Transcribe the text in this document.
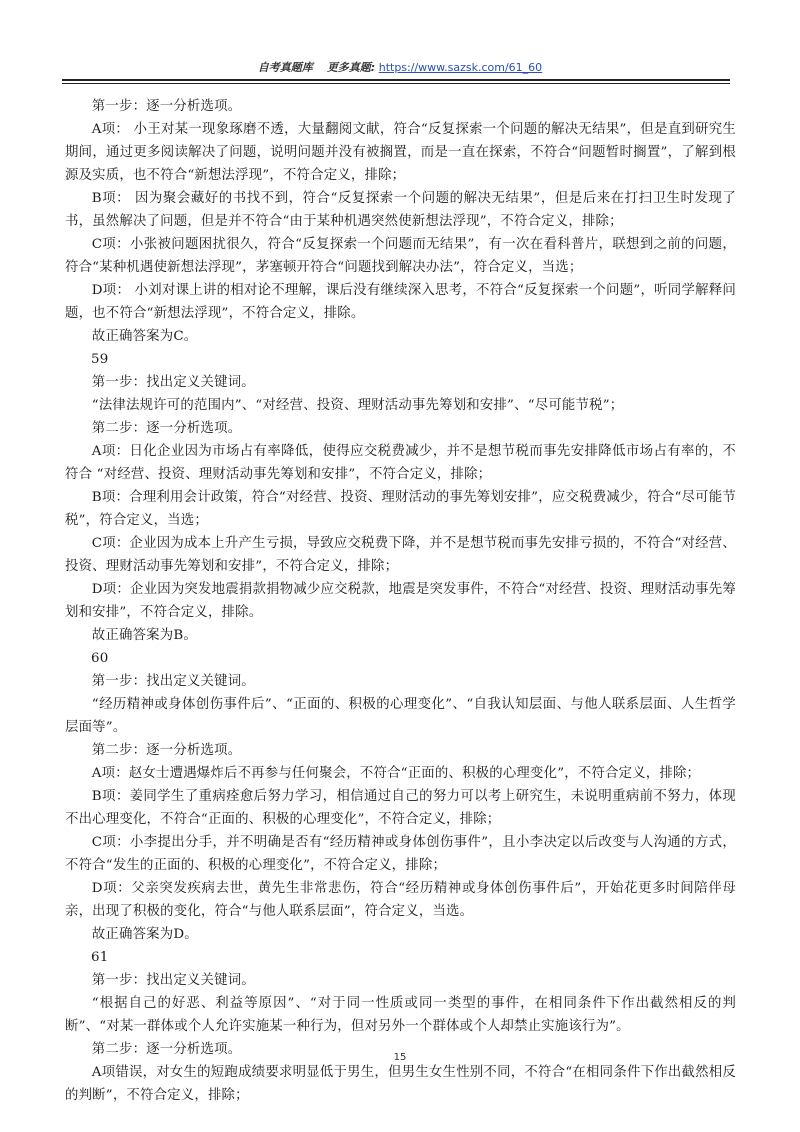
自考真题库 更多真题: https://www.sazsk.com/61_60

第一步：逐一分析选项。

A项： 小王对某一现象琢磨不透，大量翻阅文献，符合“反复探索一个问题的解决无结果”，但是直到研究生期间，通过更多阅读解决了问题，说明问题并没有被搁置，而是一直在探索，不符合“问题暂时搁置”，了解到根源及实质，也不符合“新想法浮现”，不符合定义，排除；

B项： 因为聚会藏好的书找不到，符合“反复探索一个问题的解决无结果”，但是后来在打扫卫生时发现了书，虽然解决了问题，但是并不符合“由于某种机遇突然使新想法浮现”，不符合定义，排除；

C项：小张被问题困扰很久，符合“反复探索一个问题而无结果”，有一次在看科普片，联想到之前的问题，符合“某种机遇使新想法浮现”，茅塞顿开符合“问题找到解决办法”，符合定义，当选；

D项： 小刘对课上讲的相对论不理解，课后没有继续深入思考，不符合“反复探索一个问题”，听同学解释问题，也不符合“新想法浮现”，不符合定义，排除。

故正确答案为C。

59

第一步：找出定义关键词。

“法律法规许可的范围内”、“对经营、投资、理财活动事先筹划和安排”、“尽可能节税”；

第二步：逐一分析选项。

A项：日化企业因为市场占有率降低，使得应交税费减少，并不是想节税而事先安排降低市场占有率的，不符合 “对经营、投资、理财活动事先筹划和安排”，不符合定义，排除；

B项：合理利用会计政策，符合“对经营、投资、理财活动的事先筹划安排”，应交税费减少，符合“尽可能节税”，符合定义，当选；

C项：企业因为成本上升产生亏损，导致应交税费下降，并不是想节税而事先安排亏损的，不符合“对经营、投资、理财活动事先筹划和安排”，不符合定义，排除；

D项：企业因为突发地震捐款捐物减少应交税款，地震是突发事件，不符合“对经营、投资、理财活动事先筹划和安排”，不符合定义，排除。

故正确答案为B。

60

第一步：找出定义关键词。

“经历精神或身体创伤事件后”、“正面的、积极的心理变化”、“自我认知层面、与他人联系层面、人生哲学层面等”。

第二步：逐一分析选项。

A项：赵女士遭遇爆炸后不再参与任何聚会，不符合“正面的、积极的心理变化”，不符合定义，排除；

B项：姜同学生了重病痊愈后努力学习，相信通过自己的努力可以考上研究生，未说明重病前不努力，体现不出心理变化，不符合“正面的、积极的心理变化”，不符合定义，排除；

C项：小李提出分手，并不明确是否有“经历精神或身体创伤事件”，且小李决定以后改变与人沟通的方式，不符合“发生的正面的、积极的心理变化”，不符合定义，排除；

D项：父亲突发疾病去世，黄先生非常悲伤，符合“经历精神或身体创伤事件后”，开始花更多时间陪伴母亲，出现了积极的变化，符合“与他人联系层面”，符合定义，当选。

故正确答案为D。

61

第一步：找出定义关键词。

“根据自己的好恶、利益等原因”、“对于同一性质或同一类型的事件，在相同条件下作出截然相反的判断”、“对某一群体或个人允许实施某一种行为，但对另外一个群体或个人却禁止实施该行为”。

第二步：逐一分析选项。

A项错误，对女生的短跑成绩要求明显低于男生，但男生女生性别不同，不符合“在相同条件下作出截然相反的判断”，不符合定义，排除；

15
